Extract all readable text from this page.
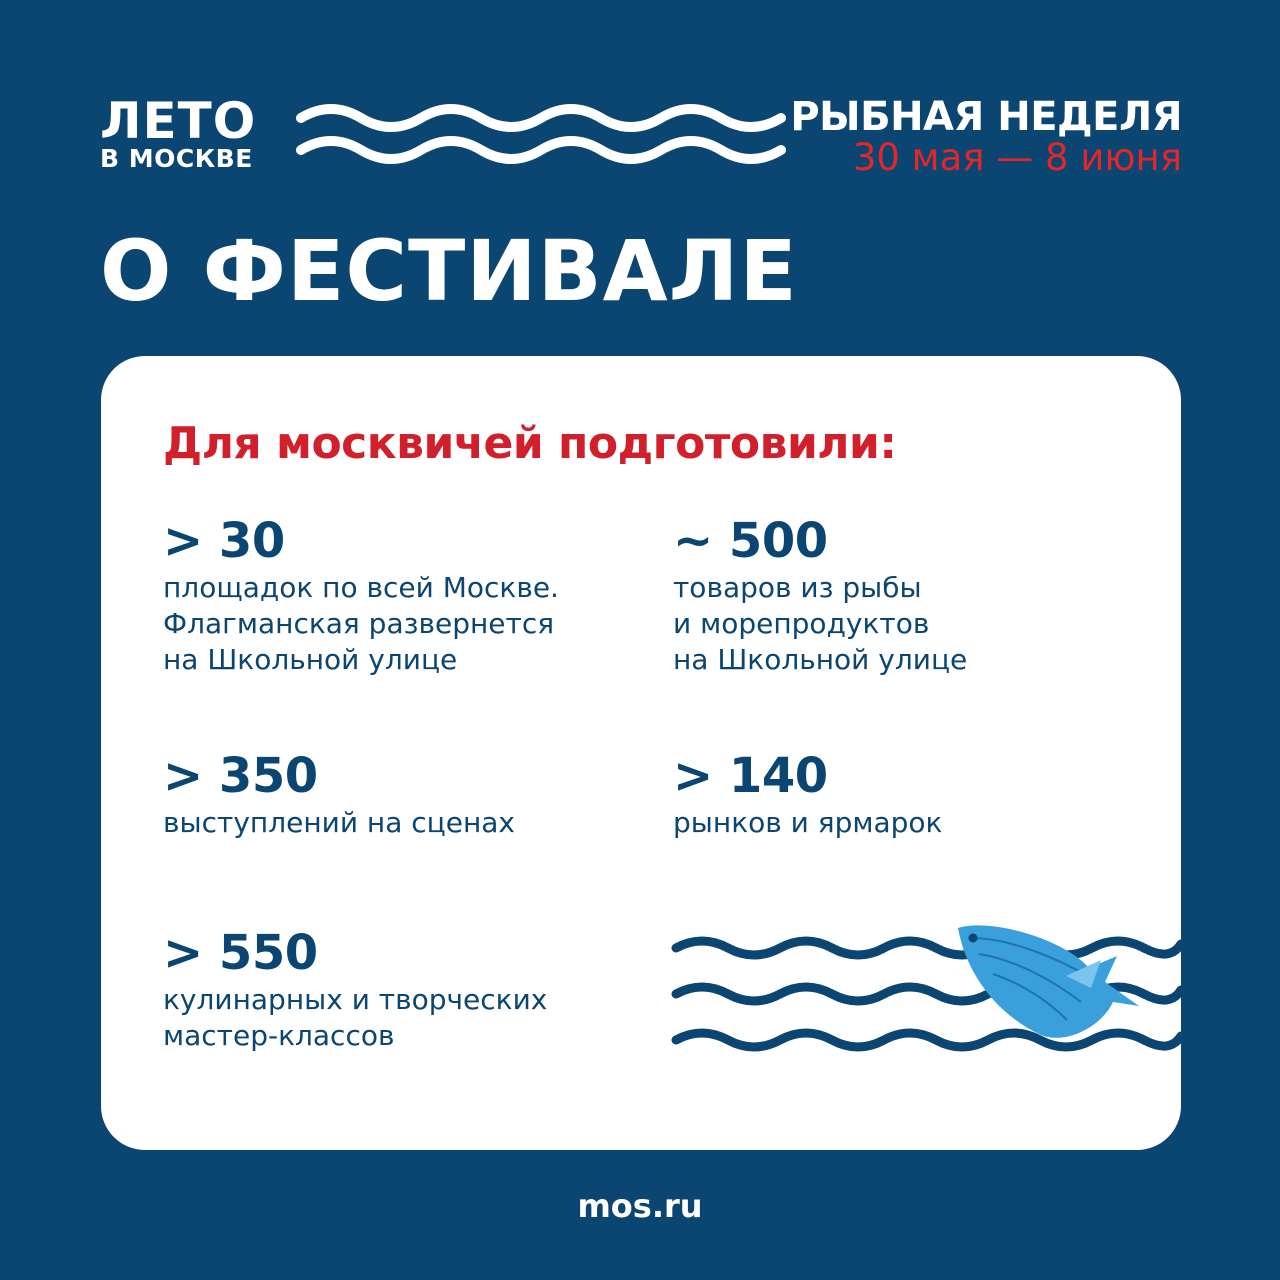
ЛЕТО
В МОСКВЕ
РЫБНАЯ НЕДЕЛЯ
30 мая — 8 июня
О ФЕСТИВАЛЕ
Для москвичей подготовили:
> 30
площадок по всей Москве.
Флагманская развернется
на Школьной улице
~ 500
товаров из рыбы
и морепродуктов
на Школьной улице
> 350
выступлений на сценах
> 140
рынков и ярмарок
> 550
кулинарных и творческих
мастер-классов
mos.ru
